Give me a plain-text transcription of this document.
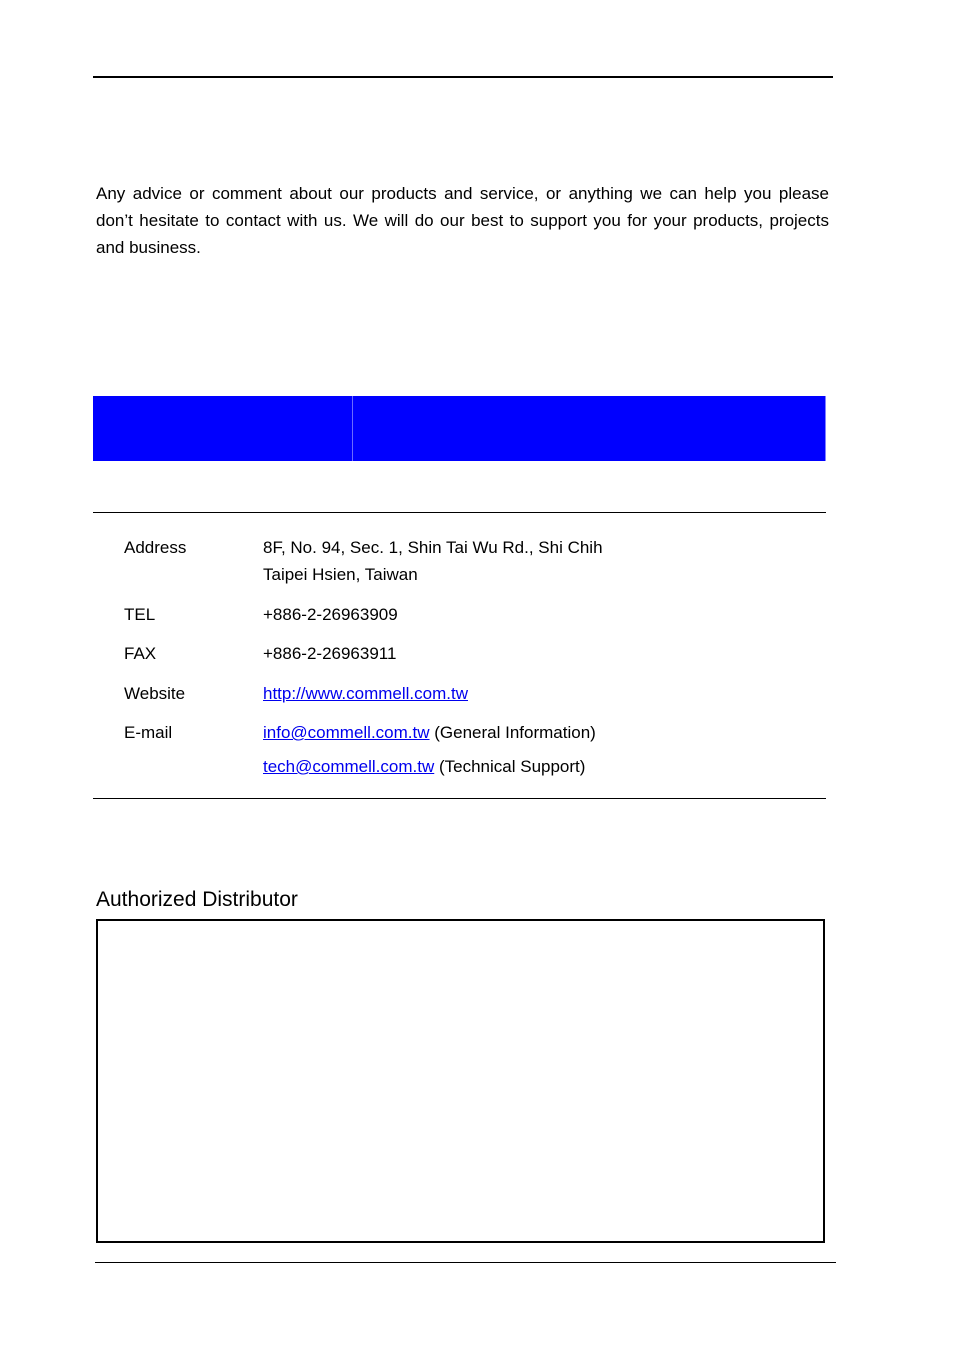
Any advice or comment about our products and service, or anything we can help you please don’t hesitate to contact with us. We will do our best to support you for your products, projects and business.

Address	8F, No. 94, Sec. 1, Shin Tai Wu Rd., Shi Chih
Taipei Hsien, Taiwan
TEL	+886-2-26963909
FAX	+886-2-26963911
Website	http://www.commell.com.tw
E-mail	info@commell.com.tw (General Information)
tech@commell.com.tw (Technical Support)
Authorized Distributor
